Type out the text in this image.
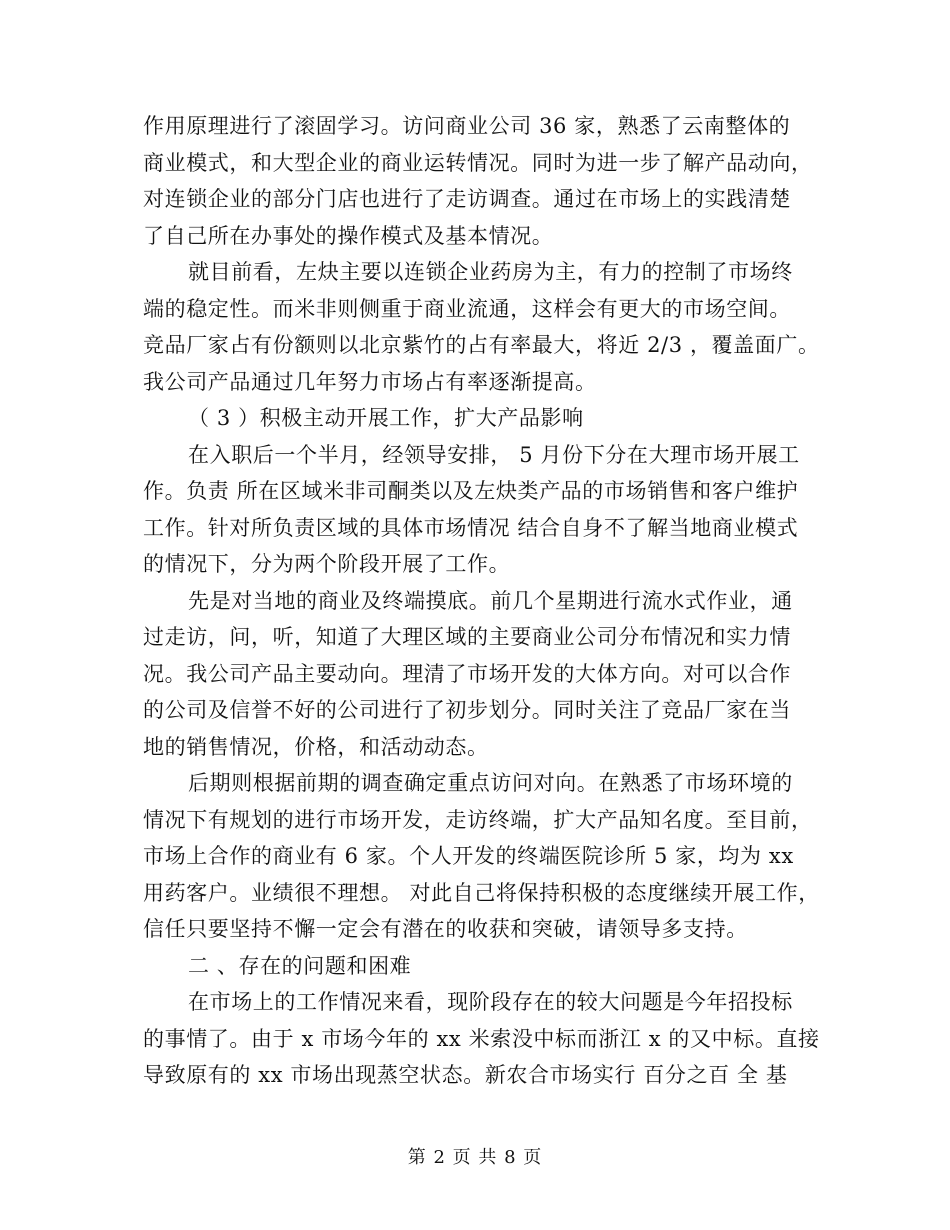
作用原理进行了滚固学习。访问商业公司 36 家，熟悉了云南整体的
商业模式，和大型企业的商业运转情况。同时为进一步了解产品动向，
对连锁企业的部分门店也进行了走访调查。通过在市场上的实践清楚
了自己所在办事处的操作模式及基本情况。
就目前看，左炔主要以连锁企业药房为主，有力的控制了市场终
端的稳定性。而米非则侧重于商业流通，这样会有更大的市场空间。
竞品厂家占有份额则以北京紫竹的占有率最大，将近 2/3 ，覆盖面广。
我公司产品通过几年努力市场占有率逐渐提高。
（ 3 ）积极主动开展工作，扩大产品影响
在入职后一个半月，经领导安排， 5 月份下分在大理市场开展工
作。负责 所在区域米非司酮类以及左炔类产品的市场销售和客户维护
工作。针对所负责区域的具体市场情况 结合自身不了解当地商业模式
的情况下，分为两个阶段开展了工作。
先是对当地的商业及终端摸底。前几个星期进行流水式作业，通
过走访，问，听，知道了大理区域的主要商业公司分布情况和实力情
况。我公司产品主要动向。理清了市场开发的大体方向。对可以合作
的公司及信誉不好的公司进行了初步划分。同时关注了竞品厂家在当
地的销售情况，价格，和活动动态。
后期则根据前期的调查确定重点访问对向。在熟悉了市场环境的
情况下有规划的进行市场开发，走访终端，扩大产品知名度。至目前，
市场上合作的商业有 6 家。个人开发的终端医院诊所 5 家，均为 xx
用药客户。业绩很不理想。 对此自己将保持积极的态度继续开展工作，
信任只要坚持不懈一定会有潜在的收获和突破，请领导多支持。
二 、存在的问题和困难
在市场上的工作情况来看，现阶段存在的较大问题是今年招投标
的事情了。由于 x 市场今年的 xx 米索没中标而浙江 x 的又中标。直接
导致原有的 xx 市场出现蒸空状态。新农合市场实行 百分之百 全 基
第 2 页 共 8 页
